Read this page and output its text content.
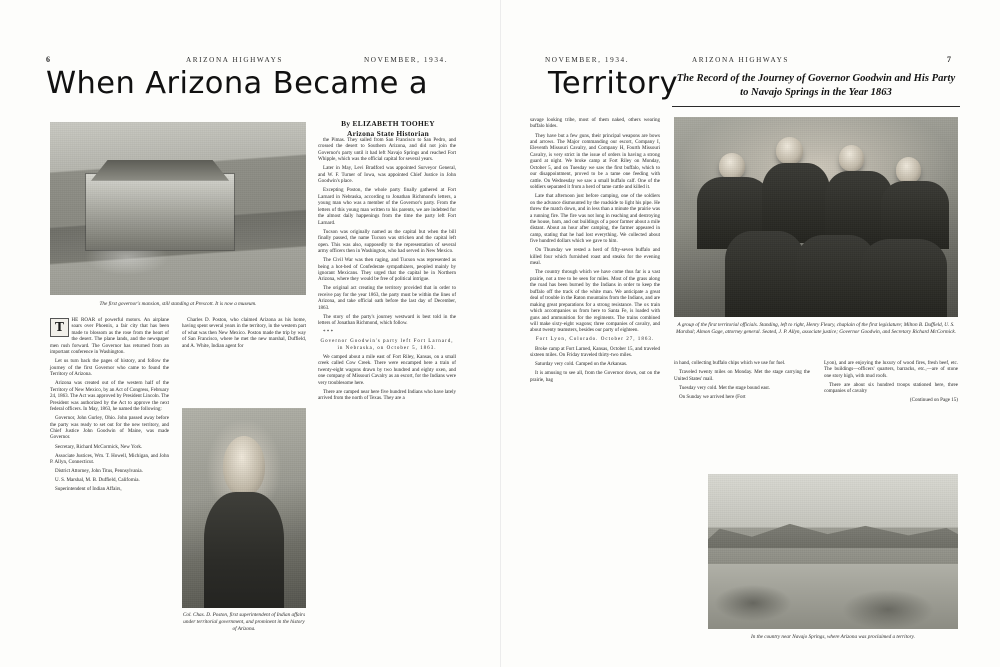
6	ARIZONA HIGHWAYS	NOVEMBER, 1934.
When Arizona Became a
By ELIZABETH TOOHEY
Arizona State Historian
The first governor's mansion, still standing at Prescott. It is now a museum.

T	HE ROAR of powerful motors. An airplane soars over Phoenix, a fair city that has been made to blossom as the rose from the heart of the desert. The plane lands, and the newspaper men rush forward. The Governor has returned from an important conference in Washington.

Let us turn back the pages of history, and follow the journey of the first Governor who came to found the Territory of Arizona.

Arizona was created out of the western half of the Territory of New Mexico, by an Act of Congress, February 24, 1863. The Act was approved by President Lincoln. The President was authorized by the Act to approve the next federal officers. In May, 1863, he named the following:

Governor, John Gurley, Ohio. John passed away before the party was ready to set out for the new territory, and Chief Justice John Goodwin of Maine, was made Governor.

Secretary, Richard McCormick, New York.

Associate Justices, Wm. T. Howell, Michigan, and John P. Allyn, Connecticut.

District Attorney, John Titus, Pennsylvania.

U. S. Marshal, M. B. Duffield, California.

Superintendent of Indian Affairs,

Col. Chas. D. Poston, first superintendent of Indian affairs under territorial government, and prominent in the history of Arizona.

Charles D. Poston, who claimed Arizona as his home, having spent several years in the territory, in the western part of what was then New Mexico. Poston made the trip by way of San Francisco, where he met the new marshal, Duffield, and A. White, Indian agent for

the Pimas. They sailed from San Francisco to San Pedro, and crossed the desert to Southern Arizona, and did not join the Governor's party until it had left Navajo Springs and reached Fort Whipple, which was the official capital for several years.

Later in May, Levi Bradford was appointed Surveyor General, and W. F. Turner of Iowa, was appointed Chief Justice in John Goodwin's place.

Excepting Poston, the whole party finally gathered at Fort Larnard in Nebraska, according to Jonathan Richmond's letters, a young man who was a member of the Governor's party. From the letters of this young man written to his parents, we are indebted for the almost daily happenings from the time the party left Fort Larnard.

Tucson was originally named as the capital but when the bill finally passed, the name Tucson was stricken and the capital left open. This was also, supposedly to the representation of several army officers then in Washington, who had served in New Mexico.

The Civil War was then raging, and Tucson was represented as being a hot-bed of Confederate sympathizers, peopled mainly by ignorant Mexicans. They urged that the capital be in Northern Arizona, where they would be free of political intrigue.

The original act creating the territory provided that in order to receive pay for the year 1863, the party must be within the lines of Arizona, and take official oath before the last day of December, 1863.

The story of the party's journey westward is best told in the letters of Jonathan Richmond, which follow.

* * *

Governor Goodwin's party left Fort Larnard, in Nebraska, on October 5, 1863.

We camped about a mile east of Fort Riley, Kansas, on a small creek called Cow Creek. There were encamped here a train of twenty-eight wagons drawn by two hundred and eighty oxen, and one company of Missouri Cavalry as an escort, for the Indians were very troublesome here.

There are camped near here five hundred Indians who have lately arrived from the north of Texas. They are a

NOVEMBER, 1934.	ARIZONA HIGHWAYS	7
Territory
The Record of the Journey of Governor Goodwin and His Party to Navajo Springs in the Year 1863
A group of the first territorial officials. Standing, left to right, Henry Fleury, chaplain of the first legislature; Milton B. Duffield, U. S. Marshal; Almon Gage, attorney general. Seated, J. P. Allyn, associate justice; Governor Goodwin, and Secretary Richard McCormick.

savage looking tribe, most of them naked, others wearing buffalo hides.

They have but a few guns, their principal weapons are bows and arrows. The Major commanding our escort, Company I, Eleventh Missouri Cavalry, and Company H, Fourth Missouri Cavalry, is very strict in the issue of orders in having a strong guard at night. We broke camp at Fort Riley on Monday, October 5, and on Tuesday we saw the first buffalo, which to our disappointment, proved to be a tame one feeding with cattle. On Wednesday we saw a small buffalo calf. One of the soldiers separated it from a herd of tame cattle and killed it.

Late that afternoon just before camping, one of the soldiers on the advance dismounted by the roadside to light his pipe. He threw the match down, and in less than a minute the prairie was a running fire. The fire was not long in reaching and destroying the house, barn, and out buildings of a poor farmer about a mile distant. About an hour after camping, the farmer appeared in camp, stating that he had lost everything. We collected about five hundred dollars which we gave to him.

On Thursday we rested a herd of fifty-seven buffalo and killed four which furnished roast and steaks for the evening meal.

The country through which we have come thus far is a vast prairie, not a tree to be seen for miles. Most of the grass along the road has been burned by the Indians in order to keep the buffalo off the track of the white man. We anticipate a great deal of trouble in the Raton mountains from the Indians, and are making great preparations for a strong resistance. The ox train which accompanies us from here to Santa Fe, is loaded with guns and ammunition for the regiments. The trains combined will make sixty-eight wagons; three companies of cavalry, and about twenty teamsters, besides our party of eighteen.

Fort Lyon, Colorado. October 27, 1863.

Broke camp at Fort Larned, Kansas, October 15, and traveled sixteen miles. On Friday traveled thirty-two miles.

Saturday very cold. Camped on the Arkansas.

It is amusing to see all, from the Governor down, out on the prairie, bag

in hand, collecting buffalo chips which we use for fuel.

Traveled twenty miles on Monday. Met the stage carrying the United States' mail.

Tuesday very cold. Met the stage bound east.

On Sunday we arrived here (Fort

Lyon), and are enjoying the luxury of wood fires, fresh beef, etc. The buildings—officers' quarters, barracks, etc.,—are of stone one story high, with mud roofs.

There are about six hundred troops stationed here, three companies of cavalry

(Continued on Page 15)

In the country near Navajo Springs, where Arizona was proclaimed a territory.
